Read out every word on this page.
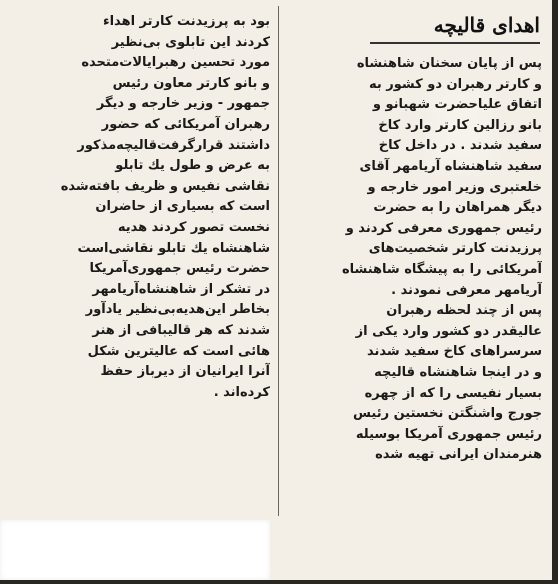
اهدای قالیچه
پس از پایان سخنان شاهنشاه
و کارتر رهبران دو کشور به
اتفاق علیاحضرت شهبانو و
بانو رزالین کارتر وارد کاخ
سفید شدند . در داخل کاخ
سفید شاهنشاه آریامهر آقای
خلعتبری وزیر امور خارجه و
دیگر همراهان را به حضرت
رئیس جمهوری معرفی کردند و
پرزیدنت کارتر شخصیت‌های
آمریکائی را به پیشگاه شاهنشاه
آریامهر معرفی نمودند .
پس از چند لحظه رهبران
عالیقدر دو کشور وارد یکی از
سرسراهای کاخ سفید شدند
و در اینجا شاهنشاه قالیچه
بسیار نفیسی را که از چهره
جورج واشنگتن نخستین رئیس
رئیس جمهوری آمریکا بوسیله
هنرمندان ایرانی تهیه شده
بود به پرزیدنت کارتر اهداء
کردند این تابلوی بی‌نظیر
مورد تحسین رهبرایالات‌متحده
و بانو کارتر معاون رئیس
جمهور - وزیر خارجه و دیگر
رهبران آمریکائی که حضور
داشتند قرارگرفت‌قالیچه‌مذکور
به عرض و طول یك تابلو
نقاشی نفیس و ظریف بافته‌شده
است که بسیاری از حاضران
نخست تصور کردند هدیه
شاهنشاه یك تابلو نقاشی‌است
حضرت رئیس جمهوری‌آمریکا
در تشکر از شاهنشاه‌آریامهر
بخاطر این‌هدیه‌بی‌نظیر یادآور
شدند که هر قالیبافی از هنر
هائی است که عالیترین شکل
آنرا ایرانیان از دیرباز حفظ
کرده‌اند .
